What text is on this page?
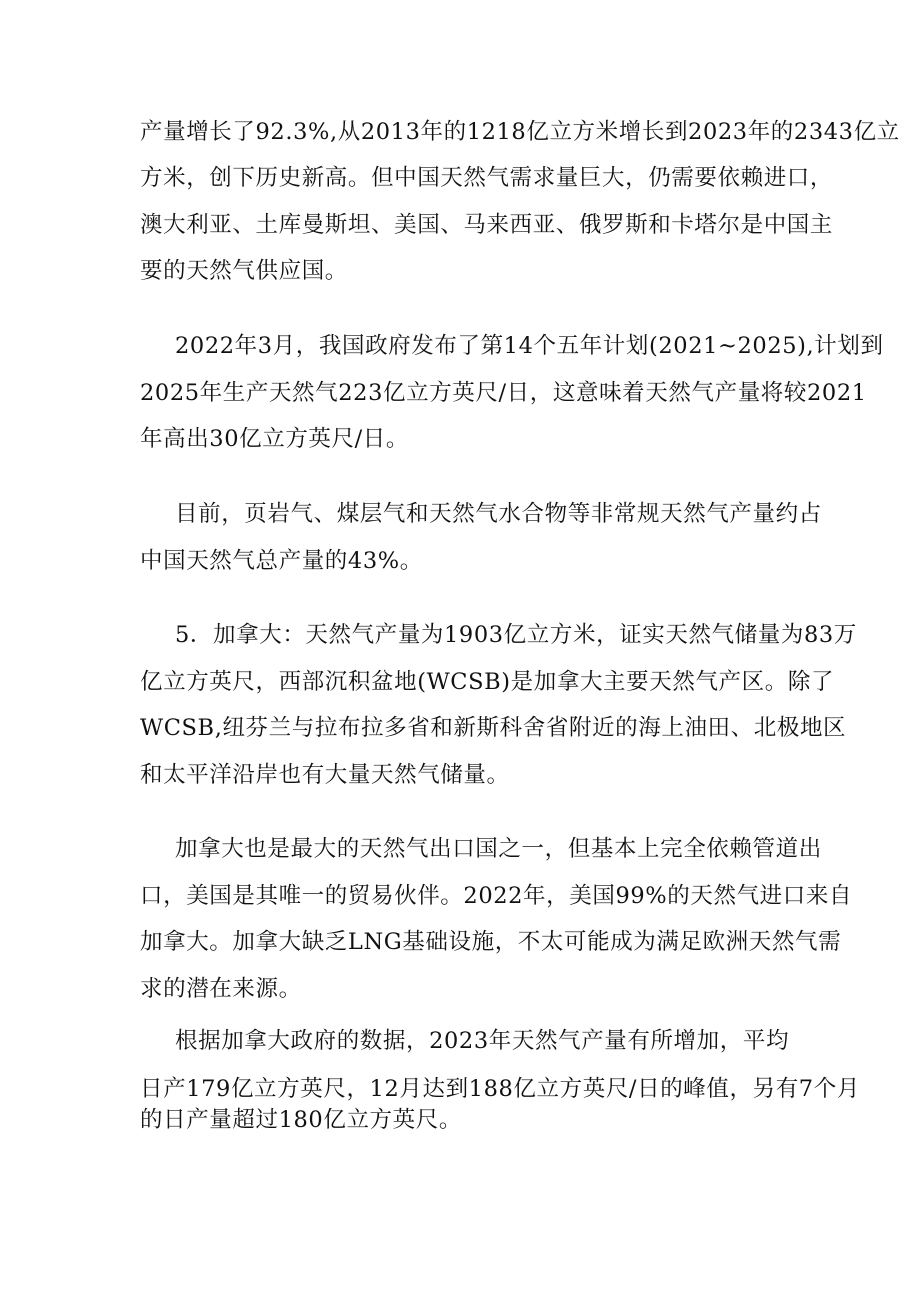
产量增长了92.3%,从2013年的1218亿立方米增长到2023年的2343亿立
方米，创下历史新高。但中国天然气需求量巨大，仍需要依赖进口，
澳大利亚、土库曼斯坦、美国、马来西亚、俄罗斯和卡塔尔是中国主
要的天然气供应国。
2022年3月，我国政府发布了第14个五年计划(2021~2025),计划到
2025年生产天然气223亿立方英尺/日，这意味着天然气产量将较2021
年高出30亿立方英尺/日。
目前，页岩气、煤层气和天然气水合物等非常规天然气产量约占
中国天然气总产量的43%。
5．加拿大：天然气产量为1903亿立方米，证实天然气储量为83万
亿立方英尺，西部沉积盆地(WCSB)是加拿大主要天然气产区。除了
WCSB,纽芬兰与拉布拉多省和新斯科舍省附近的海上油田、北极地区
和太平洋沿岸也有大量天然气储量。
加拿大也是最大的天然气出口国之一，但基本上完全依赖管道出
口，美国是其唯一的贸易伙伴。2022年，美国99%的天然气进口来自
加拿大。加拿大缺乏LNG基础设施，不太可能成为满足欧洲天然气需
求的潜在来源。
根据加拿大政府的数据，2023年天然气产量有所增加，平均
日产179亿立方英尺，12月达到188亿立方英尺/日的峰值，另有7个月
的日产量超过180亿立方英尺。
